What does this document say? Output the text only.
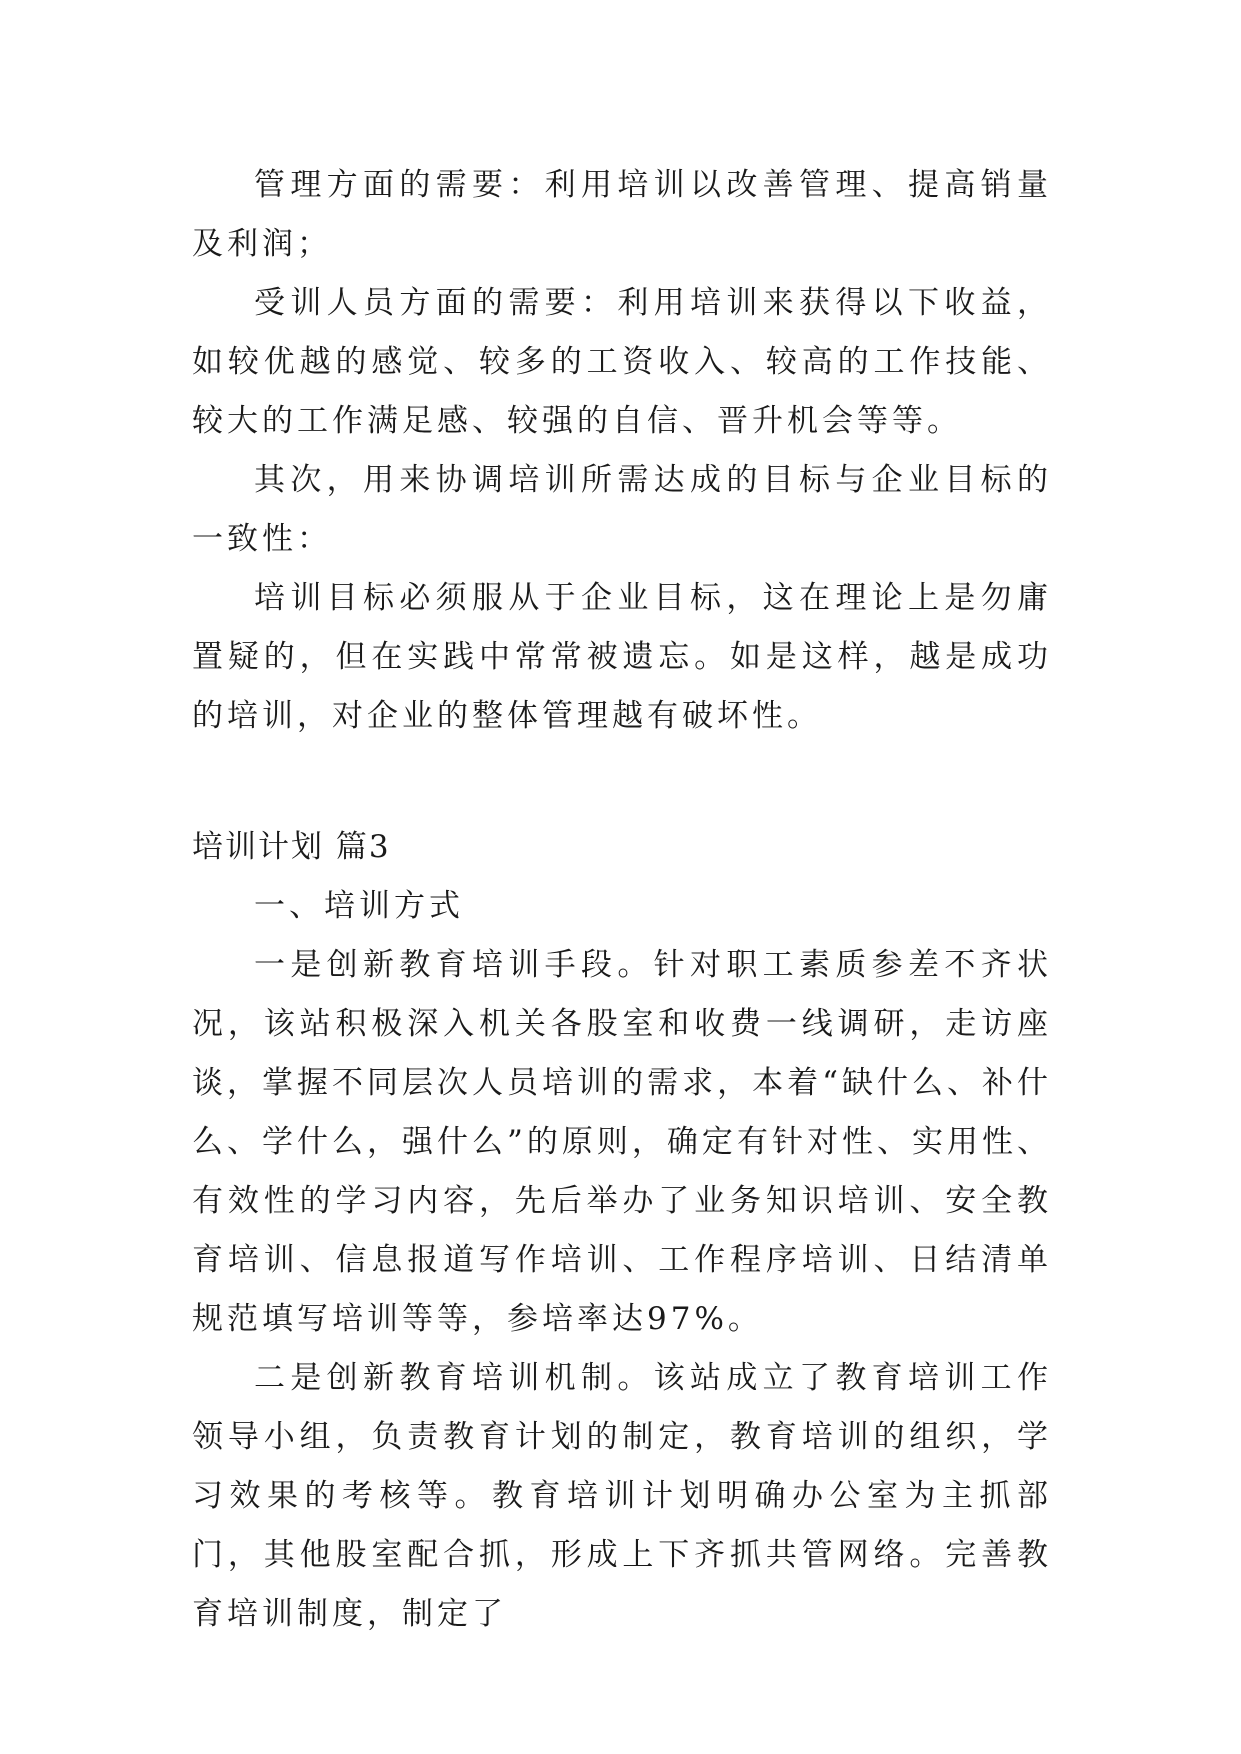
管理方面的需要：利用培训以改善管理、提高销量及利润；

受训人员方面的需要：利用培训来获得以下收益，如较优越的感觉、较多的工资收入、较高的工作技能、较大的工作满足感、较强的自信、晋升机会等等。

其次，用来协调培训所需达成的目标与企业目标的一致性：

培训目标必须服从于企业目标，这在理论上是勿庸置疑的，但在实践中常常被遗忘。如是这样，越是成功的培训，对企业的整体管理越有破坏性。

培训计划 篇3

一、培训方式

一是创新教育培训手段。针对职工素质参差不齐状况，该站积极深入机关各股室和收费一线调研，走访座谈，掌握不同层次人员培训的需求，本着“缺什么、补什么、学什么，强什么”的原则，确定有针对性、实用性、有效性的学习内容，先后举办了业务知识培训、安全教育培训、信息报道写作培训、工作程序培训、日结清单规范填写培训等等，参培率达97%。

二是创新教育培训机制。该站成立了教育培训工作领导小组，负责教育计划的制定，教育培训的组织，学习效果的考核等。教育培训计划明确办公室为主抓部门，其他股室配合抓，形成上下齐抓共管网络。完善教育培训制度，制定了
